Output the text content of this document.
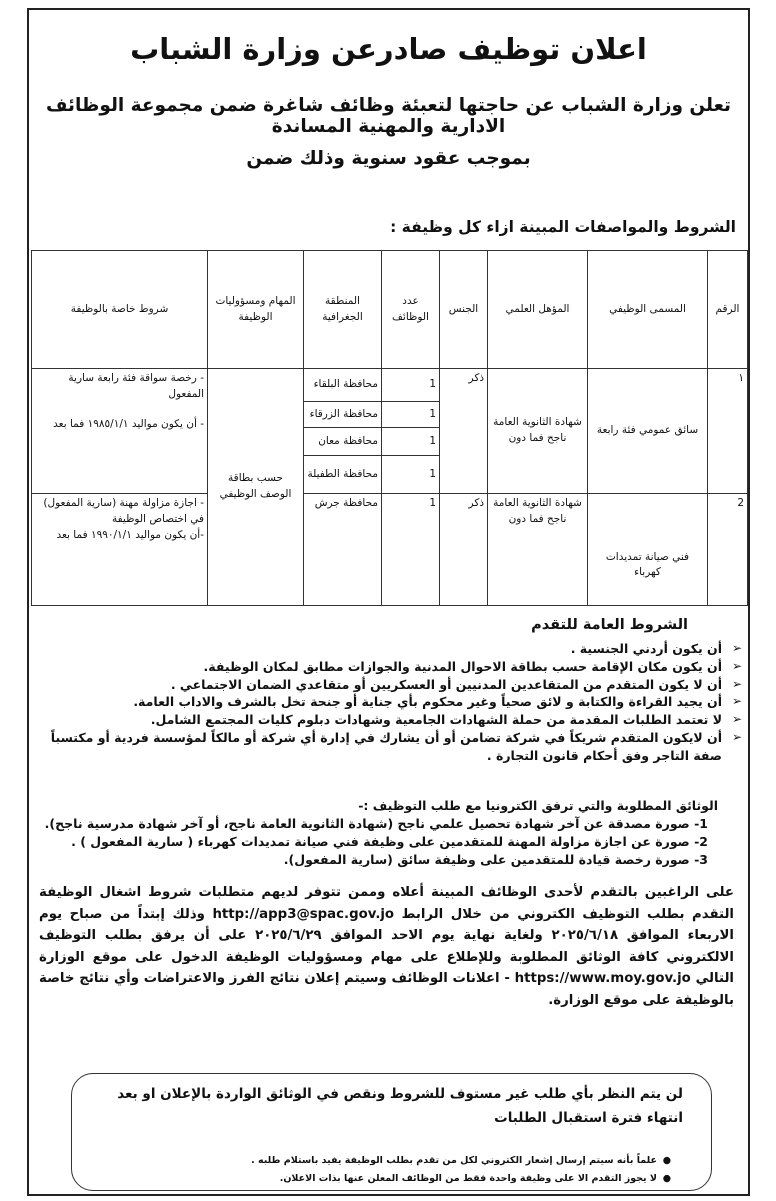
اعلان توظيف صادرعن وزارة الشباب
تعلن وزارة الشباب عن حاجتها لتعبئة وظائف شاغرة ضمن مجموعة الوظائف الادارية والمهنية المساندة
بموجب عقود سنوية وذلك ضمن
الشروط والمواصفات المبينة ازاء كل وظيفة :
الرقم	المسمى الوظيفي	المؤهل العلمي	الجنس	عدد الوظائف	المنطقة الجغرافية	المهام ومسؤوليات الوظيفة	شروط خاصة بالوظيفة
١	سائق عمومي فئة رابعة	شهادة الثانوية العامة ناجح فما دون	ذكر	1	محافظة البلقاء	حسب بطاقة الوصف الوظيفي	- رخصة سواقة فئة رابعة سارية المفعول
- أن يكون مواليد ١٩٨٥/١/١ فما بعد

				1	محافظة الزرقاء		
				1	محافظة معان		
				1	محافظة الطفيلة		
2	فني صيانة تمديدات كهرباء	شهادة الثانوية العامة ناجح فما دون	ذكر	1	محافظة جرش		- اجازة مزاولة مهنة (سارية المفعول) في اختصاص الوظيفة
-أن يكون مواليد ١٩٩٠/١/١ فما بعد
الشروط العامة للتقدم
➢
أن يكون أردني الجنسية .
➢
أن يكون مكان الإقامة حسب بطاقة الاحوال المدنية والجوازات مطابق لمكان الوظيفة.
➢
أن لا يكون المتقدم من المتقاعدين المدنيين أو العسكريين أو متقاعدي الضمان الاجتماعي .
➢
أن يجيد القراءة والكتابة و لائق صحياً وغير محكوم بأي جناية أو جنحة تخل بالشرف والاداب العامة.
➢
لا تعتمد الطلبات المقدمة من حملة الشهادات الجامعية وشهادات دبلوم كليات المجتمع الشامل.
➢
أن لايكون المتقدم شريكاً في شركة تضامن أو أن يشارك في إدارة أي شركة أو مالكاً لمؤسسة فردية أو مكتسباً صفة التاجر وفق أحكام قانون التجارة .
الوثائق المطلوبة والتي ترفق الكترونيا مع طلب التوظيف :-
1- صورة مصدقة عن آخر شهادة تحصيل علمي ناجح (شهادة الثانوية العامة ناجح، أو آخر شهادة مدرسية ناجح).
2- صورة عن اجازة مزاولة المهنة للمتقدمين على وظيفة فني صيانة تمديدات كهرباء ( سارية المفعول ) .
3- صورة رخصة قيادة للمتقدمين على وظيفة سائق (سارية المفعول).
على الراغبين بالتقدم لأحدى الوظائف المبينة أعلاه وممن تتوفر لديهم متطلبات شروط اشغال الوظيفة التقدم بطلب التوظيف الكتروني من خلال الرابط http://app3@spac.gov.jo وذلك إبتداً من صباح يوم الاربعاء الموافق ٢٠٢٥/٦/١٨ ولغاية نهاية يوم الاحد الموافق ٢٠٢٥/٦/٢٩ على أن يرفق بطلب التوظيف الالكتروني كافة الوثائق المطلوبة وللإطلاع على مهام ومسؤوليات الوظيفة الدخول على موقع الوزارة التالي https://www.moy.gov.jo - اعلانات الوظائف وسيتم إعلان نتائج الفرز والاعتراضات وأي نتائج خاصة بالوظيفة على موقع الوزارة.
لن يتم النظر بأي طلب غير مستوف للشروط ونقص في الوثائق الواردة بالإعلان او بعد انتهاء فترة استقبال الطلبات
●
علماً بأنه سيتم إرسال إشعار الكتروني لكل من تقدم بطلب الوظيفة يفيد باستلام طلبه .
●
لا يجوز التقدم الا على وظيفة واحدة فقط من الوظائف المعلن عنها بذات الاعلان.
